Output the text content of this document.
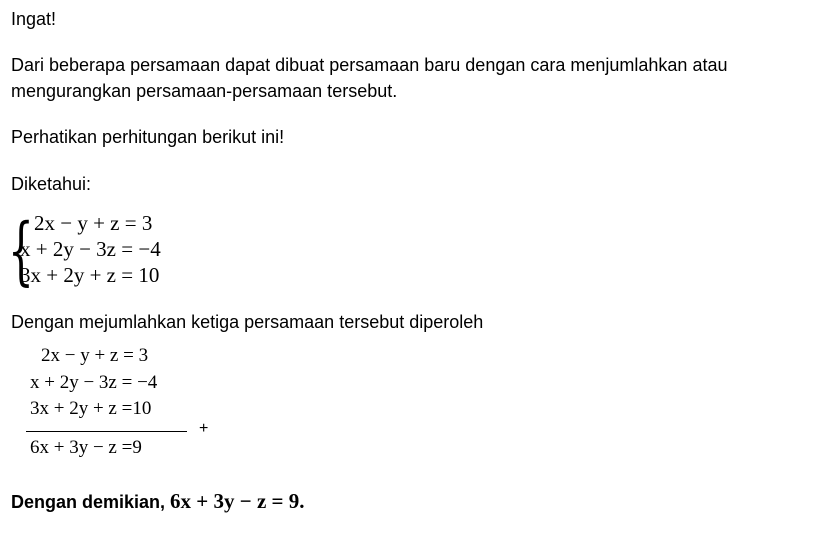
Ingat!
Dari beberapa persamaan dapat dibuat persamaan baru dengan cara menjumlahkan atau mengurangkan persamaan-persamaan tersebut.
Perhatikan perhitungan berikut ini!
Diketahui:
{ 2x − y + z = 3
x + 2y − 3z = −4
3x + 2y + z = 10
Dengan mejumlahkan ketiga persamaan tersebut diperoleh
2x − y + z = 3
x + 2y − 3z = −4
3x + 2y + z =10
+
6x + 3y − z =9
Dengan demikian, 6x + 3y − z = 9.
